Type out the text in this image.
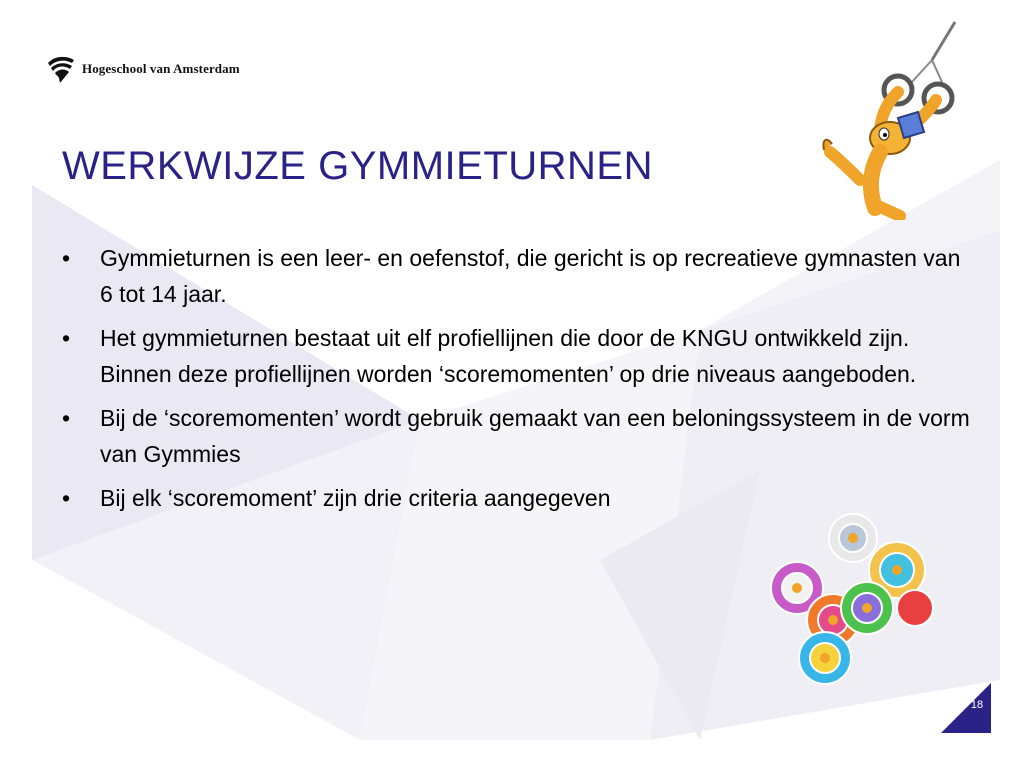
Hogeschool van Amsterdam
WERKWIJZE GYMMIETURNEN
• Gymmieturnen is een leer- en oefenstof, die gericht is op recreatieve gymnasten van 6 tot 14 jaar.
• Het gymmieturnen bestaat uit elf profiellijnen die door de KNGU ontwikkeld zijn. Binnen deze profiellijnen worden ‘scoremomenten’ op drie niveaus aangeboden.
• Bij de ‘scoremomenten’ wordt gebruik gemaakt van een beloningssysteem in de vorm van Gymmies
• Bij elk ‘scoremoment’ zijn drie criteria aangegeven
18
